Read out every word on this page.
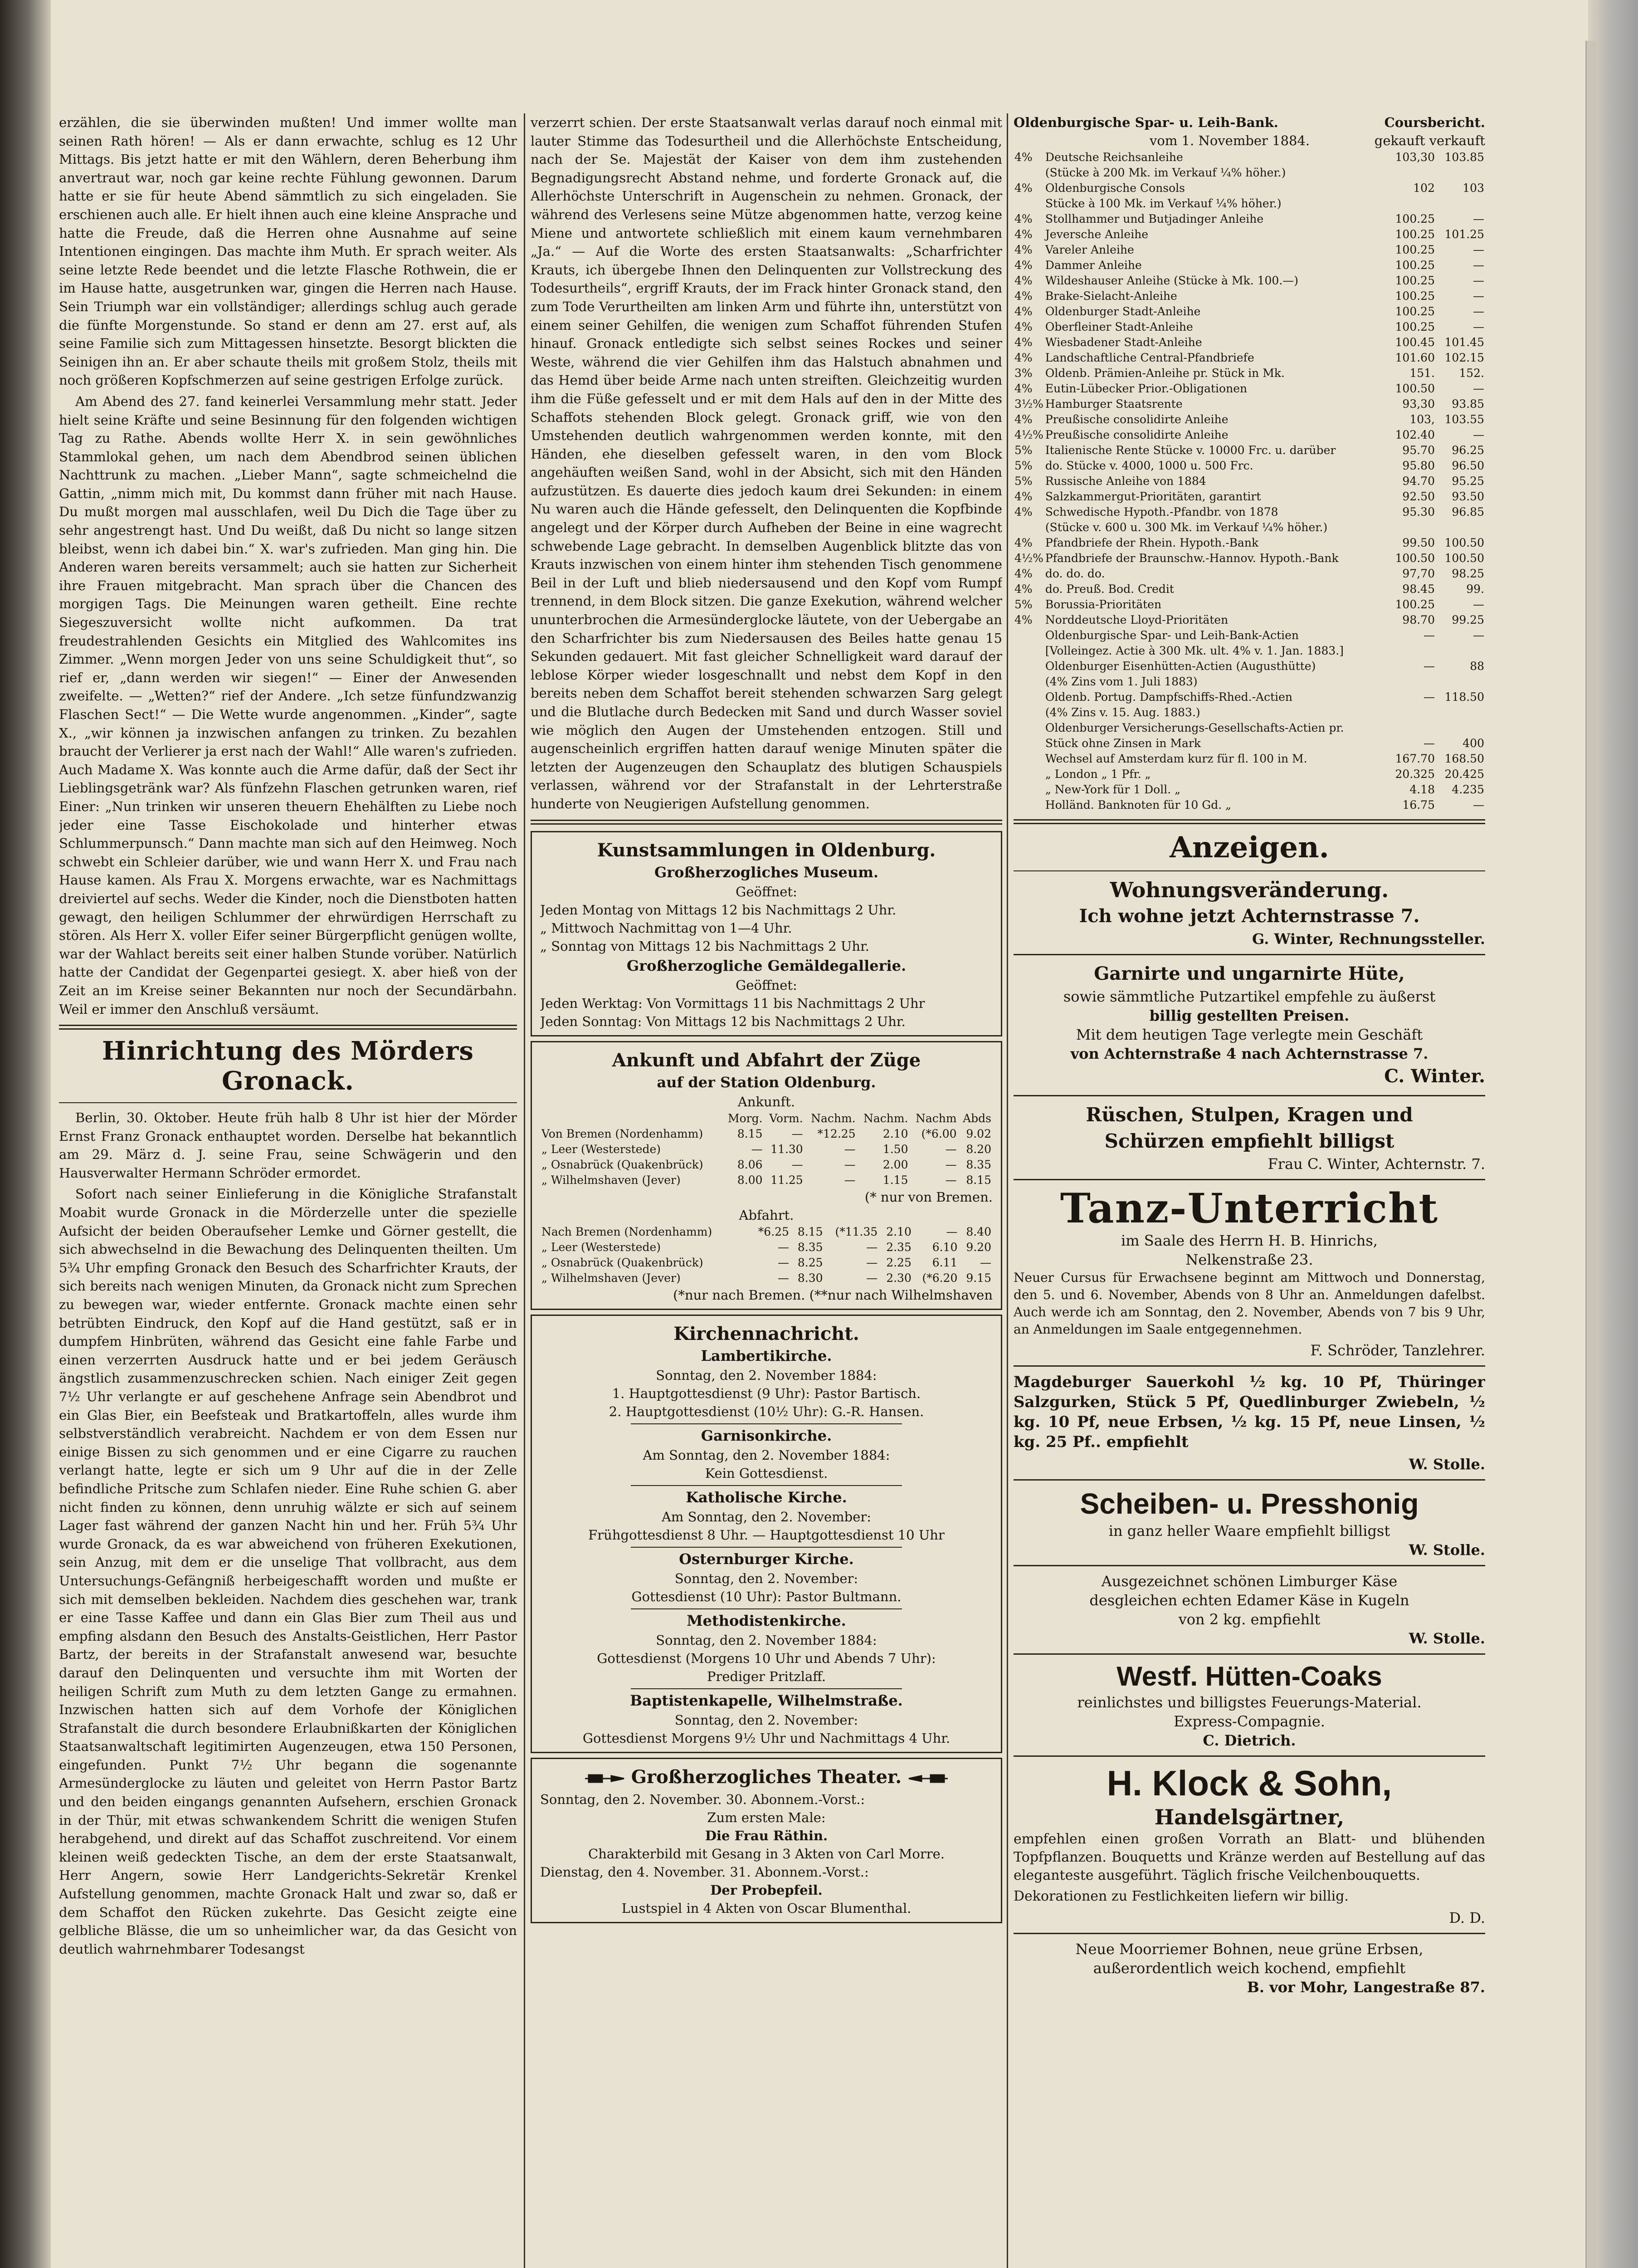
erzählen, die sie überwinden mußten! Und immer wollte man seinen Rath hören! — Als er dann erwachte, schlug es 12 Uhr Mittags. Bis jetzt hatte er mit den Wählern, deren Beherbung ihm anvertraut war, noch gar keine rechte Fühlung gewonnen. Darum hatte er sie für heute Abend sämmtlich zu sich eingeladen. Sie erschienen auch alle. Er hielt ihnen auch eine kleine Ansprache und hatte die Freude, daß die Herren ohne Ausnahme auf seine Intentionen eingingen. Das machte ihm Muth. Er sprach weiter. Als seine letzte Rede beendet und die letzte Flasche Rothwein, die er im Hause hatte, ausgetrunken war, gingen die Herren nach Hause. Sein Triumph war ein vollständiger; allerdings schlug auch gerade die fünfte Morgenstunde. So stand er denn am 27. erst auf, als seine Familie sich zum Mittagessen hinsetzte. Besorgt blickten die Seinigen ihn an. Er aber schaute theils mit großem Stolz, theils mit noch größeren Kopfschmerzen auf seine gestrigen Erfolge zurück.

Am Abend des 27. fand keinerlei Versammlung mehr statt. Jeder hielt seine Kräfte und seine Besinnung für den folgenden wichtigen Tag zu Rathe. Abends wollte Herr X. in sein gewöhnliches Stammlokal gehen, um nach dem Abendbrod seinen üblichen Nachttrunk zu machen. „Lieber Mann“, sagte schmeichelnd die Gattin, „nimm mich mit, Du kommst dann früher mit nach Hause. Du mußt morgen mal ausschlafen, weil Du Dich die Tage über zu sehr angestrengt hast. Und Du weißt, daß Du nicht so lange sitzen bleibst, wenn ich dabei bin.“ X. war's zufrieden. Man ging hin. Die Anderen waren bereits versammelt; auch sie hatten zur Sicherheit ihre Frauen mitgebracht. Man sprach über die Chancen des morgigen Tags. Die Meinungen waren getheilt. Eine rechte Siegeszuversicht wollte nicht aufkommen. Da trat freudestrahlenden Gesichts ein Mitglied des Wahlcomites ins Zimmer. „Wenn morgen Jeder von uns seine Schuldigkeit thut“, so rief er, „dann werden wir siegen!“ — Einer der Anwesenden zweifelte. — „Wetten?“ rief der Andere. „Ich setze fünfundzwanzig Flaschen Sect!“ — Die Wette wurde angenommen. „Kinder“, sagte X., „wir können ja inzwischen anfangen zu trinken. Zu bezahlen braucht der Verlierer ja erst nach der Wahl!“ Alle waren's zufrieden. Auch Madame X. Was konnte auch die Arme dafür, daß der Sect ihr Lieblingsgetränk war? Als fünfzehn Flaschen getrunken waren, rief Einer: „Nun trinken wir unseren theuern Ehehälften zu Liebe noch jeder eine Tasse Eischokolade und hinterher etwas Schlummerpunsch.“ Dann machte man sich auf den Heimweg. Noch schwebt ein Schleier darüber, wie und wann Herr X. und Frau nach Hause kamen. Als Frau X. Morgens erwachte, war es Nachmittags dreiviertel auf sechs. Weder die Kinder, noch die Dienstboten hatten gewagt, den heiligen Schlummer der ehrwürdigen Herrschaft zu stören. Als Herr X. voller Eifer seiner Bürgerpflicht genügen wollte, war der Wahlact bereits seit einer halben Stunde vorüber. Natürlich hatte der Candidat der Gegenpartei gesiegt. X. aber hieß von der Zeit an im Kreise seiner Bekannten nur noch der Secundärbahn. Weil er immer den Anschluß versäumt.

Hinrichtung des Mörders Gronack.

Berlin, 30. Oktober. Heute früh halb 8 Uhr ist hier der Mörder Ernst Franz Gronack enthauptet worden. Derselbe hat bekanntlich am 29. März d. J. seine Frau, seine Schwägerin und den Hausverwalter Hermann Schröder ermordet.

Sofort nach seiner Einlieferung in die Königliche Strafanstalt Moabit wurde Gronack in die Mörderzelle unter die spezielle Aufsicht der beiden Oberaufseher Lemke und Görner gestellt, die sich abwechselnd in die Bewachung des Delinquenten theilten. Um 5¾ Uhr empfing Gronack den Besuch des Scharfrichter Krauts, der sich bereits nach wenigen Minuten, da Gronack nicht zum Sprechen zu bewegen war, wieder entfernte. Gronack machte einen sehr betrübten Eindruck, den Kopf auf die Hand gestützt, saß er in dumpfem Hinbrüten, während das Gesicht eine fahle Farbe und einen verzerrten Ausdruck hatte und er bei jedem Geräusch ängstlich zusammenzuschrecken schien. Nach einiger Zeit gegen 7½ Uhr verlangte er auf geschehene Anfrage sein Abendbrot und ein Glas Bier, ein Beefsteak und Bratkartoffeln, alles wurde ihm selbstverständlich verabreicht. Nachdem er von dem Essen nur einige Bissen zu sich genommen und er eine Cigarre zu rauchen verlangt hatte, legte er sich um 9 Uhr auf die in der Zelle befindliche Pritsche zum Schlafen nieder. Eine Ruhe schien G. aber nicht finden zu können, denn unruhig wälzte er sich auf seinem Lager fast während der ganzen Nacht hin und her. Früh 5¾ Uhr wurde Gronack, da es war abweichend von früheren Exekutionen, sein Anzug, mit dem er die unselige That vollbracht, aus dem Untersuchungs-Gefängniß herbeigeschafft worden und mußte er sich mit demselben bekleiden. Nachdem dies geschehen war, trank er eine Tasse Kaffee und dann ein Glas Bier zum Theil aus und empfing alsdann den Besuch des Anstalts-Geistlichen, Herr Pastor Bartz, der bereits in der Strafanstalt anwesend war, besuchte darauf den Delinquenten und versuchte ihm mit Worten der heiligen Schrift zum Muth zu dem letzten Gange zu ermahnen. Inzwischen hatten sich auf dem Vorhofe der Königlichen Strafanstalt die durch besondere Erlaubnißkarten der Königlichen Staatsanwaltschaft legitimirten Augenzeugen, etwa 150 Personen, eingefunden. Punkt 7½ Uhr begann die sogenannte Armesünderglocke zu läuten und geleitet von Herrn Pastor Bartz und den beiden eingangs genannten Aufsehern, erschien Gronack in der Thür, mit etwas schwankendem Schritt die wenigen Stufen herabgehend, und direkt auf das Schaffot zuschreitend. Vor einem kleinen weiß gedeckten Tische, an dem der erste Staatsanwalt, Herr Angern, sowie Herr Landgerichts-Sekretär Krenkel Aufstellung genommen, machte Gronack Halt und zwar so, daß er dem Schaffot den Rücken zukehrte. Das Gesicht zeigte eine gelbliche Blässe, die um so unheimlicher war, da das Gesicht von deutlich wahrnehmbarer Todesangst

verzerrt schien. Der erste Staatsanwalt verlas darauf noch einmal mit lauter Stimme das Todesurtheil und die Allerhöchste Entscheidung, nach der Se. Majestät der Kaiser von dem ihm zustehenden Begnadigungsrecht Abstand nehme, und forderte Gronack auf, die Allerhöchste Unterschrift in Augenschein zu nehmen. Gronack, der während des Verlesens seine Mütze abgenommen hatte, verzog keine Miene und antwortete schließlich mit einem kaum vernehmbaren „Ja.“ — Auf die Worte des ersten Staatsanwalts: „Scharfrichter Krauts, ich übergebe Ihnen den Delinquenten zur Vollstreckung des Todesurtheils“, ergriff Krauts, der im Frack hinter Gronack stand, den zum Tode Verurtheilten am linken Arm und führte ihn, unterstützt von einem seiner Gehilfen, die wenigen zum Schaffot führenden Stufen hinauf. Gronack entledigte sich selbst seines Rockes und seiner Weste, während die vier Gehilfen ihm das Halstuch abnahmen und das Hemd über beide Arme nach unten streiften. Gleichzeitig wurden ihm die Füße gefesselt und er mit dem Hals auf den in der Mitte des Schaffots stehenden Block gelegt. Gronack griff, wie von den Umstehenden deutlich wahrgenommen werden konnte, mit den Händen, ehe dieselben gefesselt waren, in den vom Block angehäuften weißen Sand, wohl in der Absicht, sich mit den Händen aufzustützen. Es dauerte dies jedoch kaum drei Sekunden: in einem Nu waren auch die Hände gefesselt, den Delinquenten die Kopfbinde angelegt und der Körper durch Aufheben der Beine in eine wagrecht schwebende Lage gebracht. In demselben Augenblick blitzte das von Krauts inzwischen von einem hinter ihm stehenden Tisch genommene Beil in der Luft und blieb niedersausend und den Kopf vom Rumpf trennend, in dem Block sitzen. Die ganze Exekution, während welcher ununterbrochen die Armesünderglocke läutete, von der Uebergabe an den Scharfrichter bis zum Niedersausen des Beiles hatte genau 15 Sekunden gedauert. Mit fast gleicher Schnelligkeit ward darauf der leblose Körper wieder losgeschnallt und nebst dem Kopf in den bereits neben dem Schaffot bereit stehenden schwarzen Sarg gelegt und die Blutlache durch Bedecken mit Sand und durch Wasser soviel wie möglich den Augen der Umstehenden entzogen. Still und augenscheinlich ergriffen hatten darauf wenige Minuten später die letzten der Augenzeugen den Schauplatz des blutigen Schauspiels verlassen, während vor der Strafanstalt in der Lehrterstraße hunderte von Neugierigen Aufstellung genommen.

Kunstsammlungen in Oldenburg.
Großherzogliches Museum.
Geöffnet:
Jeden Montag von Mittags 12 bis Nachmittags 2 Uhr.
„ Mittwoch Nachmittag von 1—4 Uhr.
„ Sonntag von Mittags 12 bis Nachmittags 2 Uhr.
Großherzogliche Gemäldegallerie.
Geöffnet:
Jeden Werktag: Von Vormittags 11 bis Nachmittags 2 Uhr
Jeden Sonntag: Von Mittags 12 bis Nachmittags 2 Uhr.
Ankunft und Abfahrt der Züge
auf der Station Oldenburg.
Ankunft.
	Morg.	Vorm.	Nachm.	Nachm.	Nachm	Abds
Von Bremen (Nordenhamm)	8.15	—	*12.25	2.10	(*6.00	9.02
„ Leer (Westerstede)	—	11.30	—	1.50	—	8.20
„ Osnabrück (Quakenbrück)	8.06	—	—	2.00	—	8.35
„ Wilhelmshaven (Jever)	8.00	11.25	—	1.15	—	8.15
(* nur von Bremen.
Abfahrt.
Nach Bremen (Nordenhamm)	*6.25	8.15	(*11.35	2.10	—	8.40
„ Leer (Westerstede)	—	8.35	—	2.35	6.10	9.20
„ Osnabrück (Quakenbrück)	—	8.25	—	2.25	6.11	—
„ Wilhelmshaven (Jever)	—	8.30	—	2.30	(*6.20	9.15
(*nur nach Bremen. (**nur nach Wilhelmshaven
Kirchennachricht.
Lambertikirche.
Sonntag, den 2. November 1884:
1. Hauptgottesdienst (9 Uhr): Pastor Bartisch.
2. Hauptgottesdienst (10½ Uhr): G.-R. Hansen.
Garnisonkirche.
Am Sonntag, den 2. November 1884:
Kein Gottesdienst.
Katholische Kirche.
Am Sonntag, den 2. November:
Frühgottesdienst 8 Uhr. — Hauptgottesdienst 10 Uhr
Osternburger Kirche.
Sonntag, den 2. November:
Gottesdienst (10 Uhr): Pastor Bultmann.
Methodistenkirche.
Sonntag, den 2. November 1884:
Gottesdienst (Morgens 10 Uhr und Abends 7 Uhr):
Prediger Pritzlaff.
Baptistenkapelle, Wilhelmstraße.
Sonntag, den 2. November:
Gottesdienst Morgens 9½ Uhr und Nachmittags 4 Uhr.
Großherzogliches Theater.
Sonntag, den 2. November. 30. Abonnem.-Vorst.:
Zum ersten Male:
Die Frau Räthin.
Charakterbild mit Gesang in 3 Akten von Carl Morre.
Dienstag, den 4. November. 31. Abonnem.-Vorst.:
Der Probepfeil.
Lustspiel in 4 Akten von Oscar Blumenthal.
Oldenburgische Spar- u. Leih-Bank.	Coursbericht.
vom 1. November 1884.	gekauft verkauft
4%	Deutsche Reichsanleihe	103,30	103.85
	(Stücke à 200 Mk. im Verkauf ¼% höher.)		
4%	Oldenburgische Consols	102	103
	Stücke à 100 Mk. im Verkauf ¼% höher.)		
4%	Stollhammer und Butjadinger Anleihe	100.25	—
4%	Jeversche Anleihe	100.25	101.25
4%	Vareler Anleihe	100.25	—
4%	Dammer Anleihe	100.25	—
4%	Wildeshauser Anleihe (Stücke à Mk. 100.—)	100.25	—
4%	Brake-Sielacht-Anleihe	100.25	—
4%	Oldenburger Stadt-Anleihe	100.25	—
4%	Oberfleiner Stadt-Anleihe	100.25	—
4%	Wiesbadener Stadt-Anleihe	100.45	101.45
4%	Landschaftliche Central-Pfandbriefe	101.60	102.15
3%	Oldenb. Prämien-Anleihe pr. Stück in Mk.	151.	152.
4%	Eutin-Lübecker Prior.-Obligationen	100.50	—
3½%	Hamburger Staatsrente	93,30	93.85
4%	Preußische consolidirte Anleihe	103,	103.55
4½%	Preußische consolidirte Anleihe	102.40	—
5%	Italienische Rente Stücke v. 10000 Frc. u. darüber	95.70	96.25
5%	do. Stücke v. 4000, 1000 u. 500 Frc.	95.80	96.50
5%	Russische Anleihe von 1884	94.70	95.25
4%	Salzkammergut-Prioritäten, garantirt	92.50	93.50
4%	Schwedische Hypoth.-Pfandbr. von 1878	95.30	96.85
	(Stücke v. 600 u. 300 Mk. im Verkauf ¼% höher.)		
4%	Pfandbriefe der Rhein. Hypoth.-Bank	99.50	100.50
4½%	Pfandbriefe der Braunschw.-Hannov. Hypoth.-Bank	100.50	100.50
4%	do. do. do.	97,70	98.25
4%	do. Preuß. Bod. Credit	98.45	99.
5%	Borussia-Prioritäten	100.25	—
4%	Norddeutsche Lloyd-Prioritäten	98.70	99.25
	Oldenburgische Spar- und Leih-Bank-Actien	—	—
	[Volleingez. Actie à 300 Mk. ult. 4% v. 1. Jan. 1883.]		
	Oldenburger Eisenhütten-Actien (Augusthütte)	—	88
	(4% Zins vom 1. Juli 1883)		
	Oldenb. Portug. Dampfschiffs-Rhed.-Actien	—	118.50
	(4% Zins v. 15. Aug. 1883.)		
	Oldenburger Versicherungs-Gesellschafts-Actien pr.		
	Stück ohne Zinsen in Mark	—	400
	Wechsel auf Amsterdam kurz für fl. 100 in M.	167.70	168.50
	„ London „ 1 Pfr. „	20.325	20.425
	„ New-York für 1 Doll. „	4.18	4.235
	Holländ. Banknoten für 10 Gd. „	16.75	—
Anzeigen.
Wohnungsveränderung.
Ich wohne jetzt Achternstrasse 7.
G. Winter, Rechnungssteller.
Garnirte und ungarnirte Hüte,
sowie sämmtliche Putzartikel empfehle zu äußerst
billig gestellten Preisen.
Mit dem heutigen Tage verlegte mein Geschäft
von Achternstraße 4 nach Achternstrasse 7.
C. Winter.
Rüschen, Stulpen, Kragen und
Schürzen empfiehlt billigst
Frau C. Winter, Achternstr. 7.
Tanz-Unterricht
im Saale des Herrn H. B. Hinrichs,
Nelkenstraße 23.

Neuer Cursus für Erwachsene beginnt am Mittwoch und Donnerstag, den 5. und 6. November, Abends von 8 Uhr an. Anmeldungen dafelbst. Auch werde ich am Sonntag, den 2. November, Abends von 7 bis 9 Uhr, an Anmeldungen im Saale entgegennehmen.

F. Schröder, Tanzlehrer.

Magdeburger Sauerkohl ½ kg. 10 Pf, Thüringer Salzgurken, Stück 5 Pf, Quedlinburger Zwiebeln, ½ kg. 10 Pf, neue Erbsen, ½ kg. 15 Pf, neue Linsen, ½ kg. 25 Pf.. empfiehlt

W. Stolle.
Scheiben- u. Presshonig
in ganz heller Waare empfiehlt billigst
W. Stolle.
Ausgezeichnet schönen Limburger Käse
desgleichen echten Edamer Käse in Kugeln
von 2 kg. empfiehlt
W. Stolle.
Westf. Hütten-Coaks
reinlichstes und billigstes Feuerungs-Material.
Express-Compagnie.
C. Dietrich.
H. Klock & Sohn,
Handelsgärtner,

empfehlen einen großen Vorrath an Blatt- und blühenden Topfpflanzen. Bouquetts und Kränze werden auf Bestellung auf das eleganteste ausgeführt. Täglich frische Veilchenbouquetts.

Dekorationen zu Festlichkeiten liefern wir billig.

D. D.
Neue Moorriemer Bohnen, neue grüne Erbsen,
außerordentlich weich kochend, empfiehlt
B. vor Mohr, Langestraße 87.
